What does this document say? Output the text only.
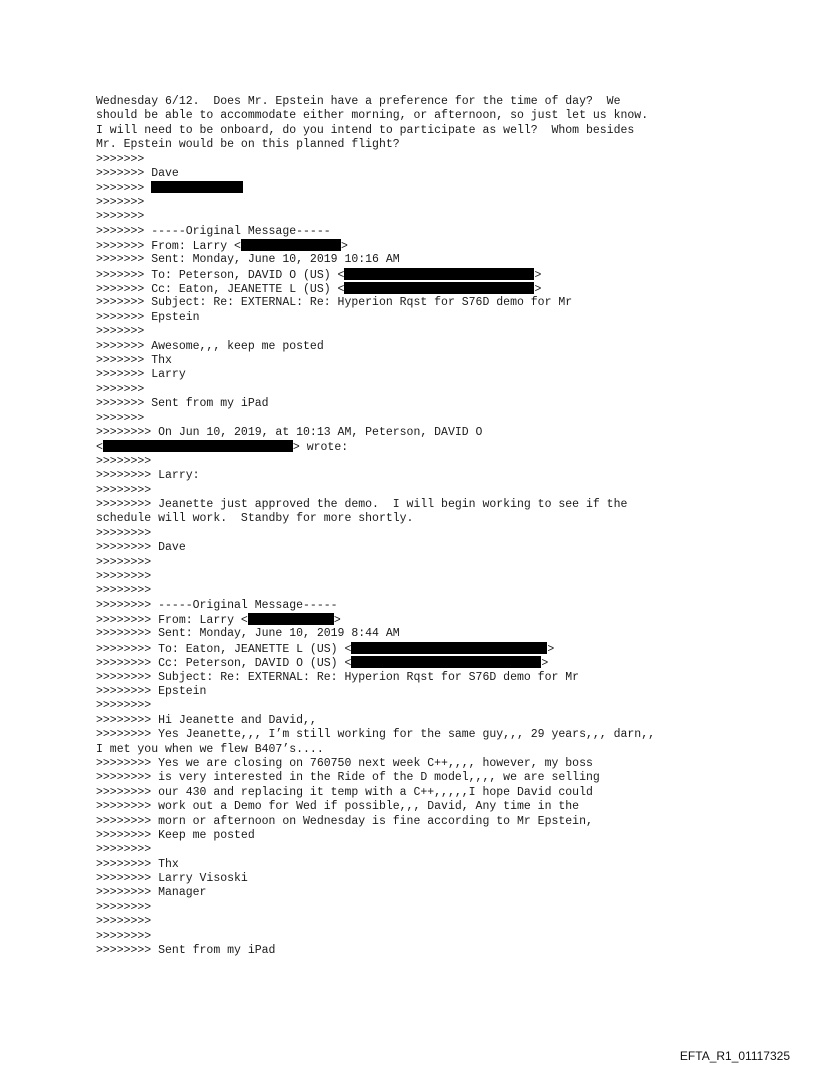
Wednesday 6/12.  Does Mr. Epstein have a preference for the time of day?  We
should be able to accommodate either morning, or afternoon, so just let us know.
I will need to be onboard, do you intend to participate as well?  Whom besides
Mr. Epstein would be on this planned flight?
>>>>>>>
>>>>>>> Dave
>>>>>>>
>>>>>>>
>>>>>>>
>>>>>>> -----Original Message-----
>>>>>>> From: Larry <	>
>>>>>>> Sent: Monday, June 10, 2019 10:16 AM
>>>>>>> To: Peterson, DAVID O (US) <	>
>>>>>>> Cc: Eaton, JEANETTE L (US) <	>
>>>>>>> Subject: Re: EXTERNAL: Re: Hyperion Rqst for S76D demo for Mr
>>>>>>> Epstein
>>>>>>>
>>>>>>> Awesome,,, keep me posted
>>>>>>> Thx
>>>>>>> Larry
>>>>>>>
>>>>>>> Sent from my iPad
>>>>>>>
>>>>>>>> On Jun 10, 2019, at 10:13 AM, Peterson, DAVID O
<	> wrote:
>>>>>>>>
>>>>>>>> Larry:
>>>>>>>>
>>>>>>>> Jeanette just approved the demo.  I will begin working to see if the
schedule will work.  Standby for more shortly.
>>>>>>>>
>>>>>>>> Dave
>>>>>>>>
>>>>>>>>
>>>>>>>>
>>>>>>>> -----Original Message-----
>>>>>>>> From: Larry <	>
>>>>>>>> Sent: Monday, June 10, 2019 8:44 AM
>>>>>>>> To: Eaton, JEANETTE L (US) <	>
>>>>>>>> Cc: Peterson, DAVID O (US) <	>
>>>>>>>> Subject: Re: EXTERNAL: Re: Hyperion Rqst for S76D demo for Mr
>>>>>>>> Epstein
>>>>>>>>
>>>>>>>> Hi Jeanette and David,,
>>>>>>>> Yes Jeanette,,, I’m still working for the same guy,,, 29 years,,, darn,,
I met you when we flew B407’s....
>>>>>>>> Yes we are closing on 760750 next week C++,,,, however, my boss
>>>>>>>> is very interested in the Ride of the D model,,,, we are selling
>>>>>>>> our 430 and replacing it temp with a C++,,,,,I hope David could
>>>>>>>> work out a Demo for Wed if possible,,, David, Any time in the
>>>>>>>> morn or afternoon on Wednesday is fine according to Mr Epstein,
>>>>>>>> Keep me posted
>>>>>>>>
>>>>>>>> Thx
>>>>>>>> Larry Visoski
>>>>>>>> Manager
>>>>>>>>
>>>>>>>>
>>>>>>>>
>>>>>>>> Sent from my iPad
EFTA_R1_01117325
